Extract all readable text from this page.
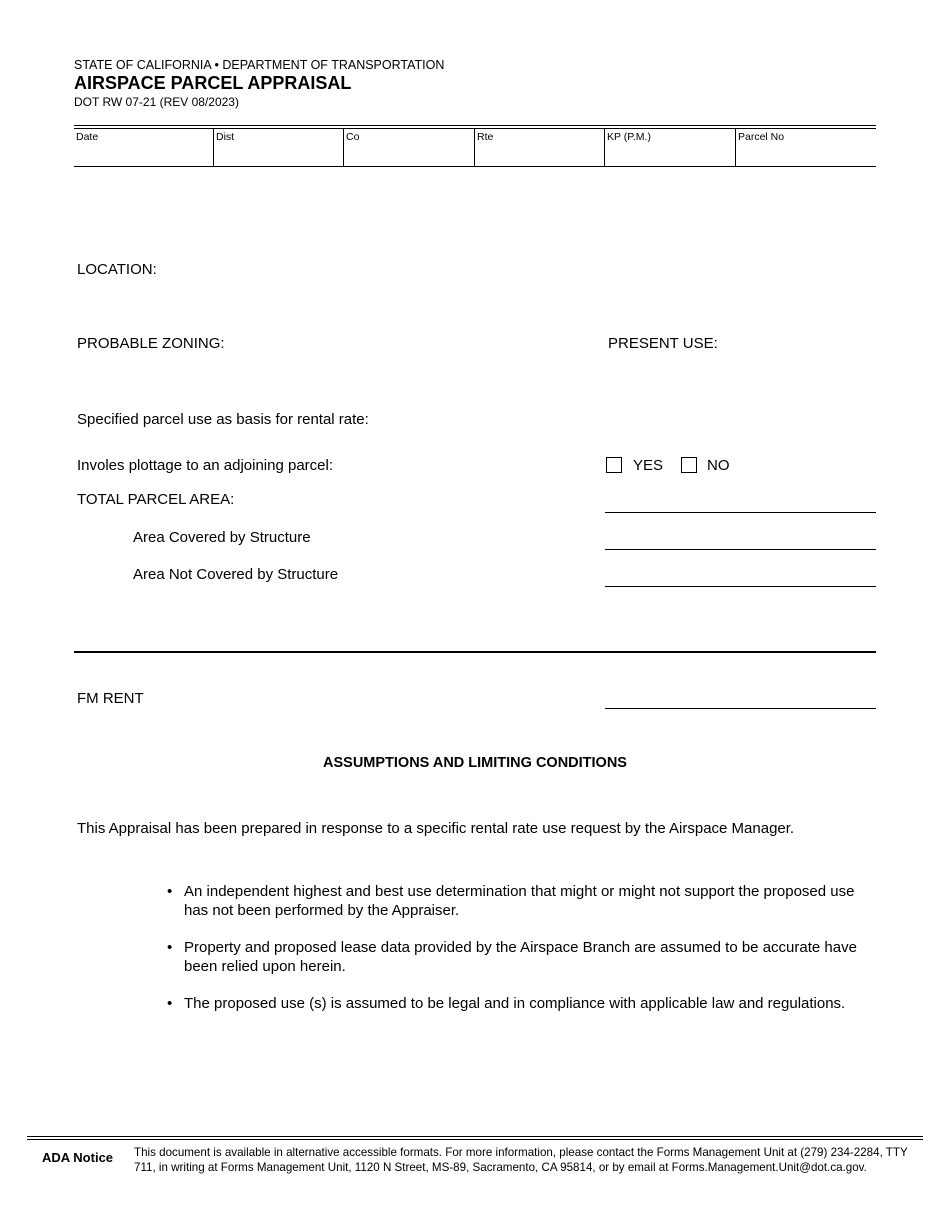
STATE OF CALIFORNIA • DEPARTMENT OF TRANSPORTATION
AIRSPACE PARCEL APPRAISAL
DOT RW 07-21 (REV 08/2023)
Date	Dist	Co	Rte	KP (P.M.)	Parcel No
LOCATION:
PROBABLE ZONING:	PRESENT USE:
Specified parcel use as basis for rental rate:
Involes plottage to an adjoining parcel:	YES	NO
TOTAL PARCEL AREA:
Area Covered by Structure
Area Not Covered by Structure
FM RENT
ASSUMPTIONS AND LIMITING CONDITIONS
This Appraisal has been prepared in response to a specific rental rate use request by the Airspace Manager.
• An independent highest and best use determination that might or might not support the proposed use has not been performed by the Appraiser.
• Property and proposed lease data provided by the Airspace Branch are assumed to be accurate have been relied upon herein.
• The proposed use (s) is assumed to be legal and in compliance with applicable law and regulations.
ADA Notice This document is available in alternative accessible formats. For more information, please contact the Forms Management Unit at (279) 234-2284, TTY 711, in writing at Forms Management Unit, 1120 N Street, MS-89, Sacramento, CA 95814, or by email at Forms.Management.Unit@dot.ca.gov.
